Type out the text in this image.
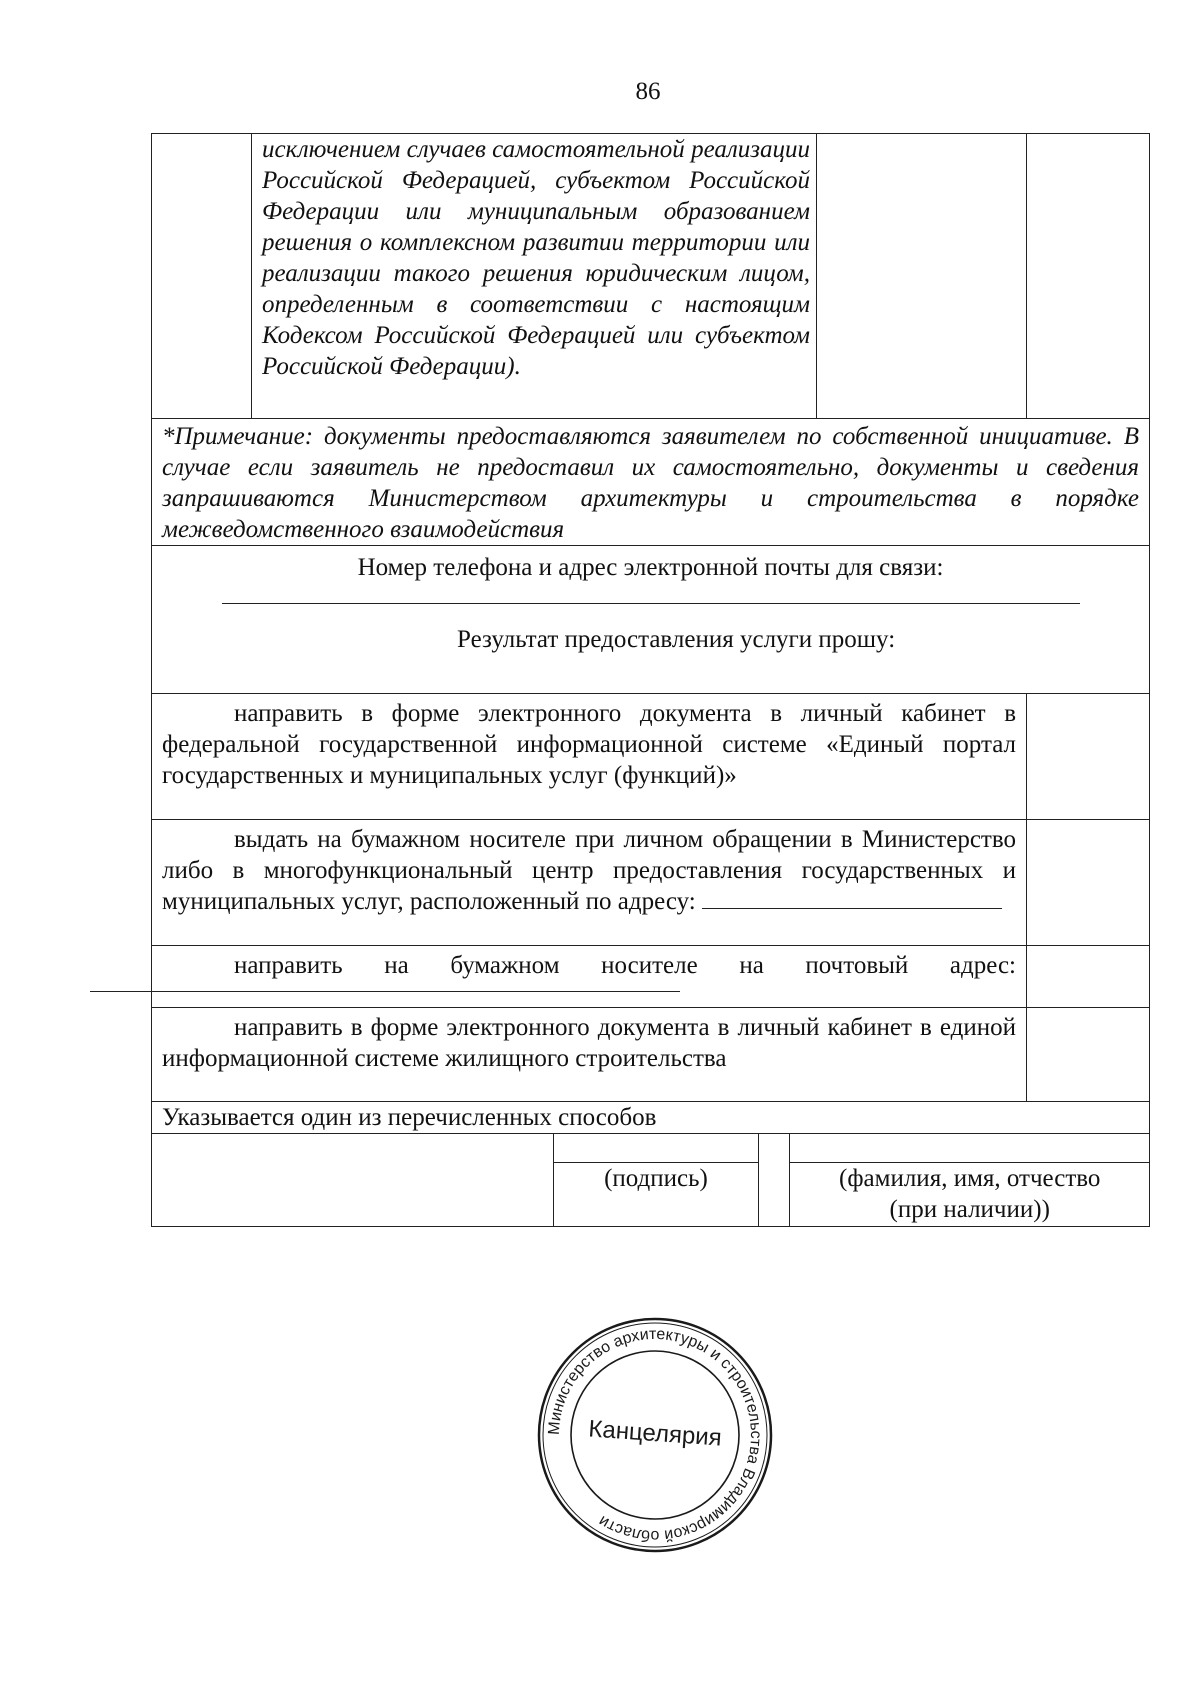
86
	исключением случаев самостоятельной реализации Российской Федерацией, субъектом Российской Федерации или муниципальным образованием решения о комплексном развитии территории или реализации такого решения юридическим лицом, определенным в соответствии с настоящим Кодексом Российской Федерацией или субъектом Российской Федерации).		
*Примечание: документы предоставляются заявителем по собственной инициативе. В случае если заявитель не предоставил их самостоятельно, документы и сведения запрашиваются Министерством архитектуры и строительства в порядке межведомственного взаимодействия			

Номер телефона и адрес электронной почты для связи:
Результат предоставления услуги прошу:			

направить в форме электронного документа в личный кабинет в федеральной государственной информационной системе «Единый портал государственных и муниципальных услуг (функций)»			
выдать на бумажном носителе при личном обращении в Министерство либо в многофункциональный центр предоставления государственных и муниципальных услуг, расположенный по адресу:			

направить на бумажном носителе на почтовый адрес:			

направить в форме электронного документа в личный кабинет в единой информационной системе жилищного строительства			
Указывается один из перечисленных способов			

(подпись) (фамилия, имя, отчество
(при наличии))			
Министерство архитектуры и строительства Владимирской области
Канцелярия
